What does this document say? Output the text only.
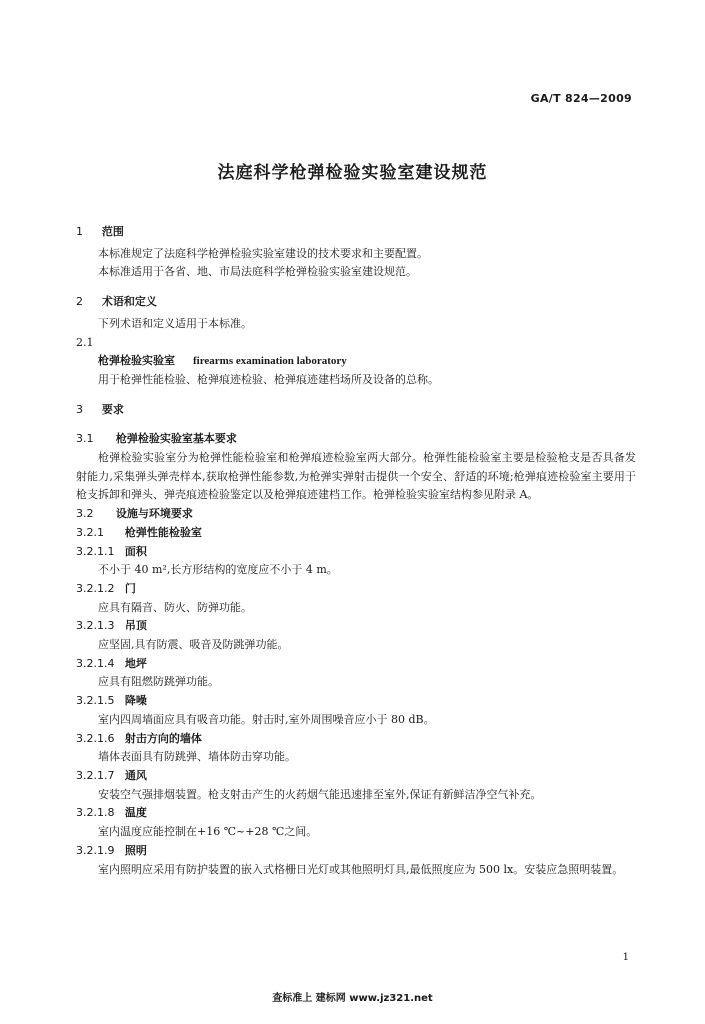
GA/T 824—2009
法庭科学枪弹检验实验室建设规范
1 范围
本标准规定了法庭科学枪弹检验实验室建设的技术要求和主要配置。
本标准适用于各省、地、市局法庭科学枪弹检验实验室建设规范。
2 术语和定义
下列术语和定义适用于本标准。
2.1
枪弹检验实验室 firearms examination laboratory
用于枪弹性能检验、枪弹痕迹检验、枪弹痕迹建档场所及设备的总称。
3 要求
3.1 枪弹检验实验室基本要求
枪弹检验实验室分为枪弹性能检验室和枪弹痕迹检验室两大部分。枪弹性能检验室主要是检验枪支是否具备发射能力,采集弹头弹壳样本,获取枪弹性能参数,为枪弹实弹射击提供一个安全、舒适的环境;枪弹痕迹检验室主要用于枪支拆卸和弹头、弹壳痕迹检验鉴定以及枪弹痕迹建档工作。枪弹检验实验室结构参见附录 A。
3.2 设施与环境要求
3.2.1 枪弹性能检验室
3.2.1.1 面积
不小于 40 m²,长方形结构的宽度应不小于 4 m。
3.2.1.2 门
应具有隔音、防火、防弹功能。
3.2.1.3 吊顶
应坚固,具有防震、吸音及防跳弹功能。
3.2.1.4 地坪
应具有阻燃防跳弹功能。
3.2.1.5 降噪
室内四周墙面应具有吸音功能。射击时,室外周围噪音应小于 80 dB。
3.2.1.6 射击方向的墙体
墙体表面具有防跳弹、墙体防击穿功能。
3.2.1.7 通风
安装空气强排烟装置。枪支射击产生的火药烟气能迅速排至室外,保证有新鲜洁净空气补充。
3.2.1.8 温度
室内温度应能控制在+16 ℃~+28 ℃之间。
3.2.1.9 照明
室内照明应采用有防护装置的嵌入式格栅日光灯或其他照明灯具,最低照度应为 500 lx。安装应急照明装置。
1
查标准上 建标网 www.jz321.net
